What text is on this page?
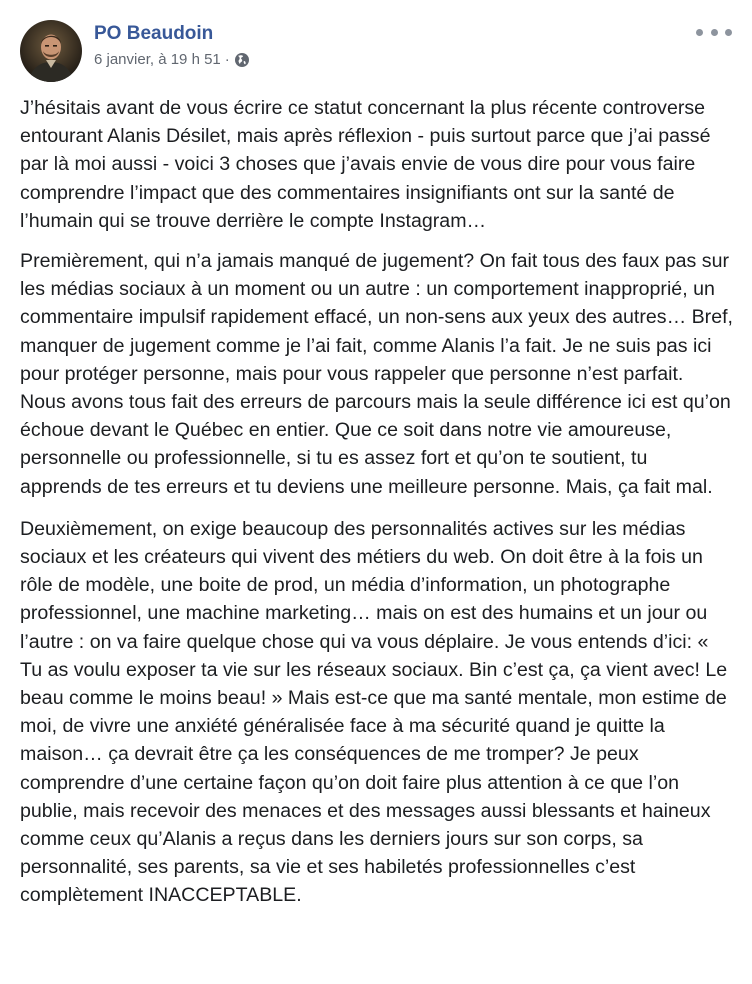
PO Beaudoin
6 janvier, à 19 h 51 ·

J’hésitais avant de vous écrire ce statut concernant la plus récente controverse entourant Alanis Désilet, mais après réflexion - puis surtout parce que j’ai passé par là moi aussi - voici 3 choses que j’avais envie de vous dire pour vous faire comprendre l’impact que des commentaires insignifiants ont sur la santé de l’humain qui se trouve derrière le compte Instagram…

Premièrement, qui n’a jamais manqué de jugement? On fait tous des faux pas sur les médias sociaux à un moment ou un autre : un comportement inapproprié, un commentaire impulsif rapidement effacé, un non-sens aux yeux des autres… Bref, manquer de jugement comme je l’ai fait, comme Alanis l’a fait. Je ne suis pas ici pour protéger personne, mais pour vous rappeler que personne n’est parfait. Nous avons tous fait des erreurs de parcours mais la seule différence ici est qu’on échoue devant le Québec en entier. Que ce soit dans notre vie amoureuse, personnelle ou professionnelle, si tu es assez fort et qu’on te soutient, tu apprends de tes erreurs et tu deviens une meilleure personne. Mais, ça fait mal.

Deuxièmement, on exige beaucoup des personnalités actives sur les médias sociaux et les créateurs qui vivent des métiers du web. On doit être à la fois un rôle de modèle, une boite de prod, un média d’information, un photographe professionnel, une machine marketing… mais on est des humains et un jour ou l’autre : on va faire quelque chose qui va vous déplaire. Je vous entends d’ici: « Tu as voulu exposer ta vie sur les réseaux sociaux. Bin c’est ça, ça vient avec! Le beau comme le moins beau! » Mais est-ce que ma santé mentale, mon estime de moi, de vivre une anxiété généralisée face à ma sécurité quand je quitte la maison… ça devrait être ça les conséquences de me tromper? Je peux comprendre d’une certaine façon qu’on doit faire plus attention à ce que l’on publie, mais recevoir des menaces et des messages aussi blessants et haineux comme ceux qu’Alanis a reçus dans les derniers jours sur son corps, sa personnalité, ses parents, sa vie et ses habiletés professionnelles c’est complètement INACCEPTABLE.
